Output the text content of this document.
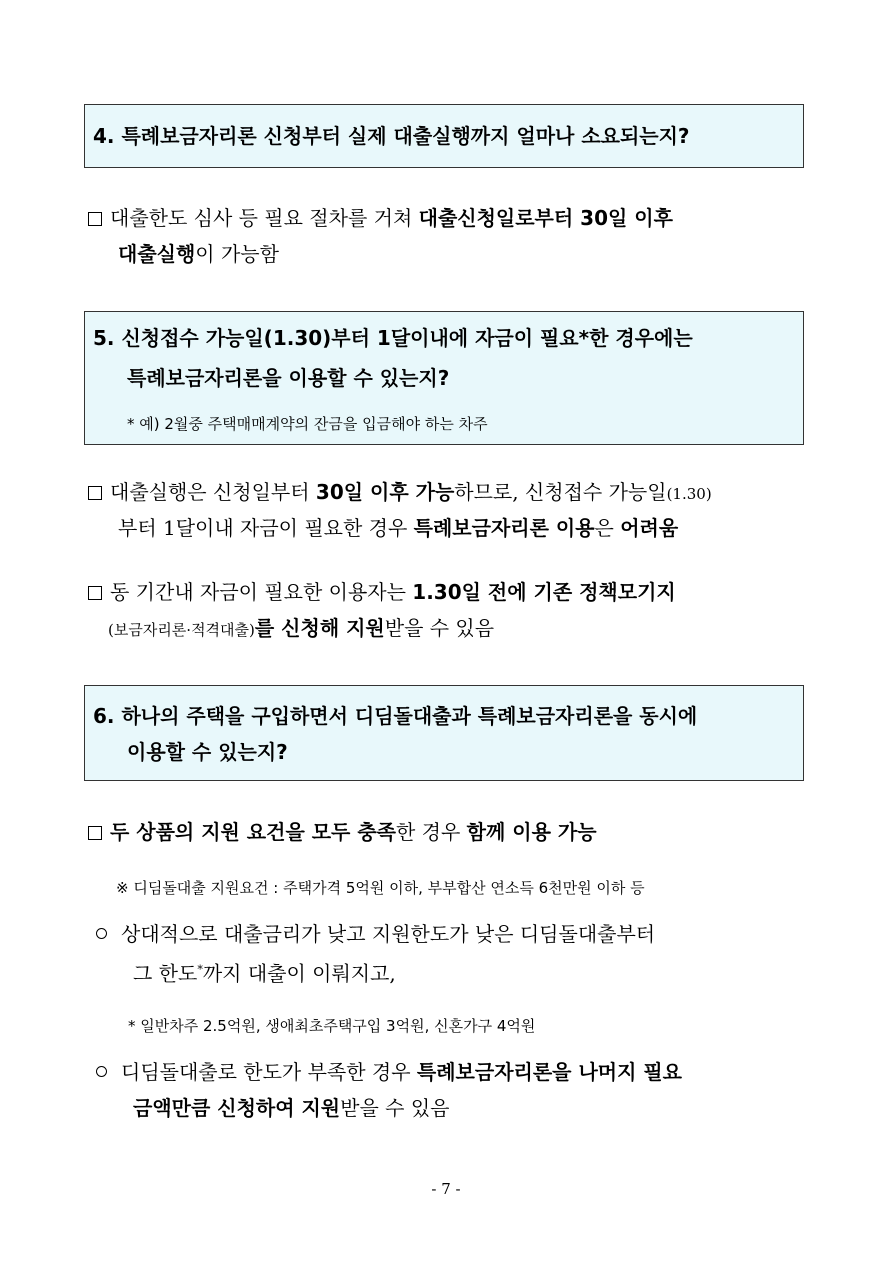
4. 특례보금자리론 신청부터 실제 대출실행까지 얼마나 소요되는지?
대출한도 심사 등 필요 절차를 거쳐 대출신청일로부터 30일 이후
대출실행이 가능함
5. 신청접수 가능일(1.30)부터 1달이내에 자금이 필요*한 경우에는
특례보금자리론을 이용할 수 있는지?
* 예) 2월중 주택매매계약의 잔금을 입금해야 하는 차주
대출실행은 신청일부터 30일 이후 가능하므로, 신청접수 가능일(1.30)
부터 1달이내 자금이 필요한 경우 특례보금자리론 이용은 어려움
동 기간내 자금이 필요한 이용자는 1.30일 전에 기존 정책모기지
(보금자리론·적격대출)를 신청해 지원받을 수 있음
6. 하나의 주택을 구입하면서 디딤돌대출과 특례보금자리론을 동시에
이용할 수 있는지?
두 상품의 지원 요건을 모두 충족한 경우 함께 이용 가능
※ 디딤돌대출 지원요건 : 주택가격 5억원 이하, 부부합산 연소득 6천만원 이하 등
상대적으로 대출금리가 낮고 지원한도가 낮은 디딤돌대출부터
그 한도*까지 대출이 이뤄지고,
* 일반차주 2.5억원, 생애최초주택구입 3억원, 신혼가구 4억원
디딤돌대출로 한도가 부족한 경우 특례보금자리론을 나머지 필요
금액만큼 신청하여 지원받을 수 있음
- 7 -
